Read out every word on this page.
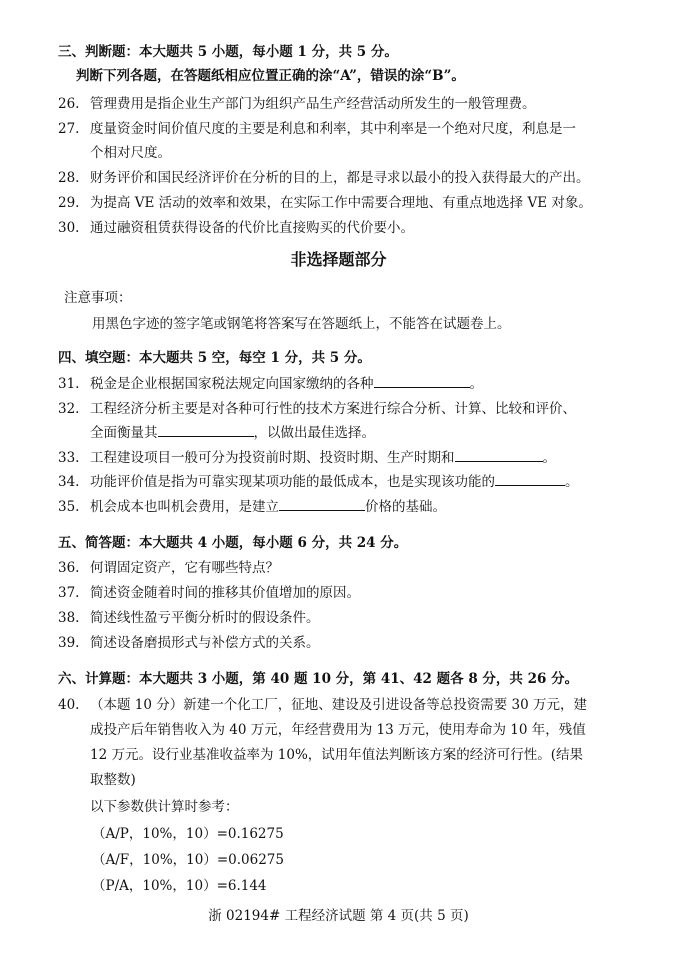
三、判断题：本大题共 5 小题，每小题 1 分，共 5 分。
判断下列各题，在答题纸相应位置正确的涂“A”，错误的涂“B”。
26. 管理费用是指企业生产部门为组织产品生产经营活动所发生的一般管理费。
27. 度量资金时间价值尺度的主要是利息和利率，其中利率是一个绝对尺度，利息是一
个相对尺度。
28. 财务评价和国民经济评价在分析的目的上，都是寻求以最小的投入获得最大的产出。
29. 为提高 VE 活动的效率和效果，在实际工作中需要合理地、有重点地选择 VE 对象。
30. 通过融资租赁获得设备的代价比直接购买的代价要小。
非选择题部分
注意事项：
用黑色字迹的签字笔或钢笔将答案写在答题纸上，不能答在试题卷上。
四、填空题：本大题共 5 空，每空 1 分，共 5 分。
31. 税金是企业根据国家税法规定向国家缴纳的各种	。
32. 工程经济分析主要是对各种可行性的技术方案进行综合分析、计算、比较和评价、
全面衡量其	，以做出最佳选择。
33. 工程建设项目一般可分为投资前时期、投资时期、生产时期和	。
34. 功能评价值是指为可靠实现某项功能的最低成本，也是实现该功能的	。
35. 机会成本也叫机会费用，是建立	价格的基础。
五、简答题：本大题共 4 小题，每小题 6 分，共 24 分。
36. 何谓固定资产，它有哪些特点？
37. 简述资金随着时间的推移其价值增加的原因。
38. 简述线性盈亏平衡分析时的假设条件。
39. 简述设备磨损形式与补偿方式的关系。
六、计算题：本大题共 3 小题，第 40 题 10 分，第 41、42 题各 8 分，共 26 分。
40. （本题 10 分）新建一个化工厂，征地、建设及引进设备等总投资需要 30 万元，建
成投产后年销售收入为 40 万元，年经营费用为 13 万元，使用寿命为 10 年，残值
12 万元。设行业基准收益率为 10%，试用年值法判断该方案的经济可行性。(结果
取整数)
以下参数供计算时参考：
（A/P，10%，10）=0.16275
（A/F，10%，10）=0.06275
（P/A，10%，10）=6.144
浙 02194# 工程经济试题 第 4 页(共 5 页)
